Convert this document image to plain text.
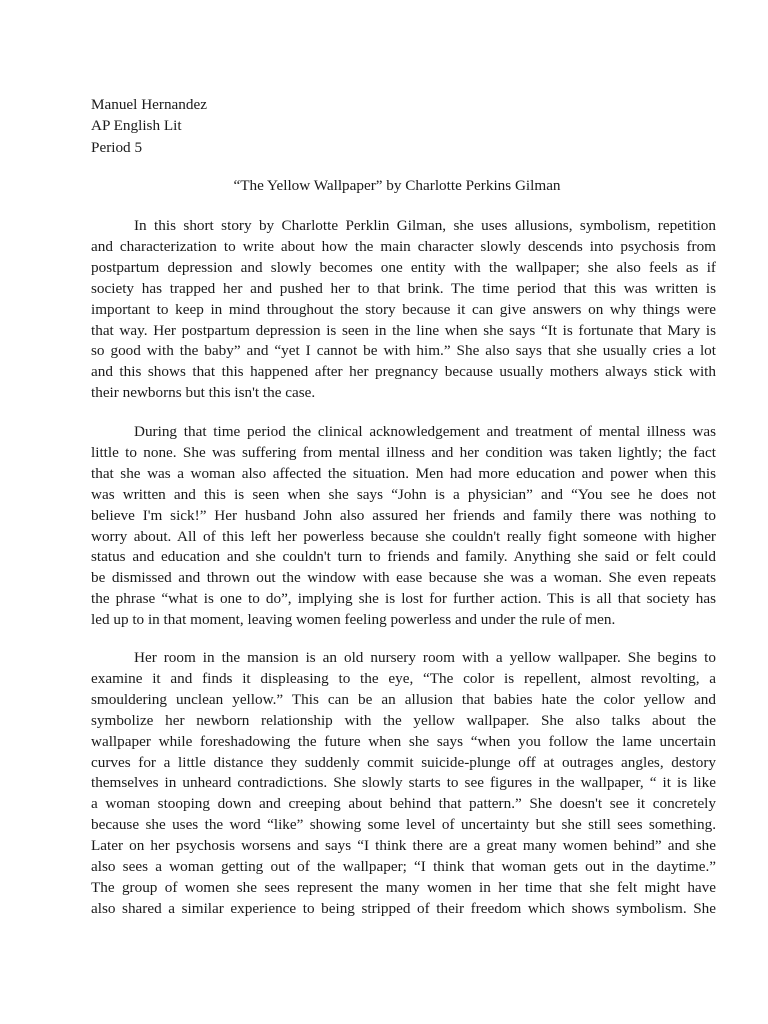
Manuel Hernandez
AP English Lit
Period 5
“The Yellow Wallpaper” by Charlotte Perkins Gilman
In this short story by Charlotte Perklin Gilman, she uses allusions, symbolism, repetition
and characterization to write about how the main character slowly descends into psychosis from
postpartum depression and slowly becomes one entity with the wallpaper; she also feels as if
society has trapped her and pushed her to that brink. The time period that this was written is
important to keep in mind throughout the story because it can give answers on why things were
that way. Her postpartum depression is seen in the line when she says “It is fortunate that Mary is
so good with the baby” and “yet I cannot be with him.” She also says that she usually cries a lot
and this shows that this happened after her pregnancy because usually mothers always stick with
their newborns but this isn't the case.
During that time period the clinical acknowledgement and treatment of mental illness was
little to none. She was suffering from mental illness and her condition was taken lightly; the fact
that she was a woman also affected the situation. Men had more education and power when this
was written and this is seen when she says “John is a physician” and “You see he does not
believe I'm sick!” Her husband John also assured her friends and family there was nothing to
worry about. All of this left her powerless because she couldn't really fight someone with higher
status and education and she couldn't turn to friends and family. Anything she said or felt could
be dismissed and thrown out the window with ease because she was a woman. She even repeats
the phrase “what is one to do”, implying she is lost for further action. This is all that society has
led up to in that moment, leaving women feeling powerless and under the rule of men.
Her room in the mansion is an old nursery room with a yellow wallpaper. She begins to
examine it and finds it displeasing to the eye, “The color is repellent, almost revolting, a
smouldering unclean yellow.” This can be an allusion that babies hate the color yellow and
symbolize her newborn relationship with the yellow wallpaper. She also talks about the
wallpaper while foreshadowing the future when she says “when you follow the lame uncertain
curves for a little distance they suddenly commit suicide-plunge off at outrages angles, destory
themselves in unheard contradictions. She slowly starts to see figures in the wallpaper, “ it is like
a woman stooping down and creeping about behind that pattern.” She doesn't see it concretely
because she uses the word “like” showing some level of uncertainty but she still sees something.
Later on her psychosis worsens and says “I think there are a great many women behind” and she
also sees a woman getting out of the wallpaper; “I think that woman gets out in the daytime.”
The group of women she sees represent the many women in her time that she felt might have
also shared a similar experience to being stripped of their freedom which shows symbolism. She
